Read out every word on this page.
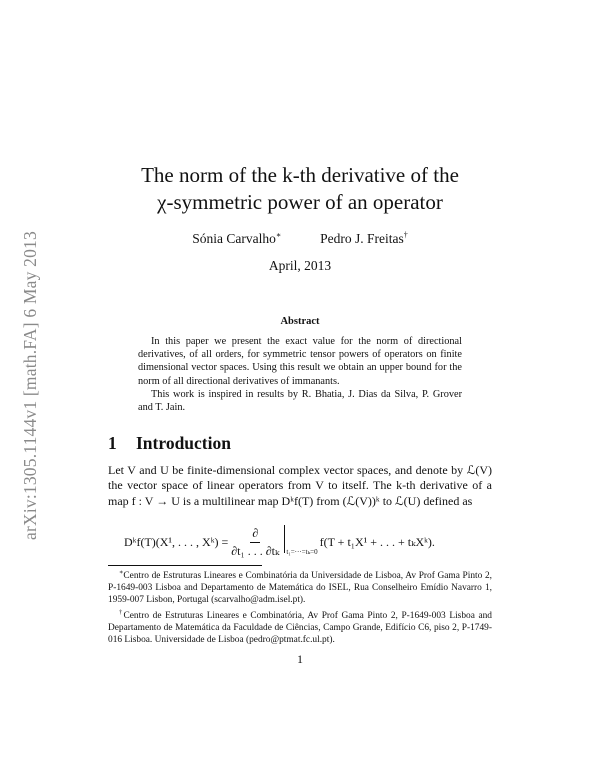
arXiv:1305.1144v1 [math.FA] 6 May 2013
The norm of the k-th derivative of the
χ-symmetric power of an operator
Sónia Carvalho∗	Pedro J. Freitas†
April, 2013
Abstract

In this paper we present the exact value for the norm of directional derivatives, of all orders, for symmetric tensor powers of operators on finite dimensional vector spaces. Using this result we obtain an upper bound for the norm of all directional derivatives of immanants.

This work is inspired in results by R. Bhatia, J. Dias da Silva, P. Grover and T. Jain.

1 Introduction
Let V and U be finite-dimensional complex vector spaces, and denote by ℒ(V) the vector space of linear operators from V to itself. The k-th derivative of a map f : V → U is a multilinear map Dᵏf(T) from (ℒ(V))ᵏ to ℒ(U) defined as
Dᵏf(T)(X¹, . . . , Xᵏ) = $\frac{\partial}{\text{∂t₁ . . . ∂tₖ}} t_1=\cdot\cdot\cdot=t_k=0$
f(T + t₁X¹ + . . . + tₖXᵏ).

∗Centro de Estruturas Lineares e Combinatória da Universidade de Lisboa, Av Prof Gama Pinto 2, P-1649-003 Lisboa and Departamento de Matemática do ISEL, Rua Conselheiro Emídio Navarro 1, 1959-007 Lisbon, Portugal (scarvalho@adm.isel.pt).

†Centro de Estruturas Lineares e Combinatória, Av Prof Gama Pinto 2, P-1649-003 Lisboa and Departamento de Matemática da Faculdade de Ciências, Campo Grande, Edifício C6, piso 2, P-1749-016 Lisboa. Universidade de Lisboa (pedro@ptmat.fc.ul.pt).

1
